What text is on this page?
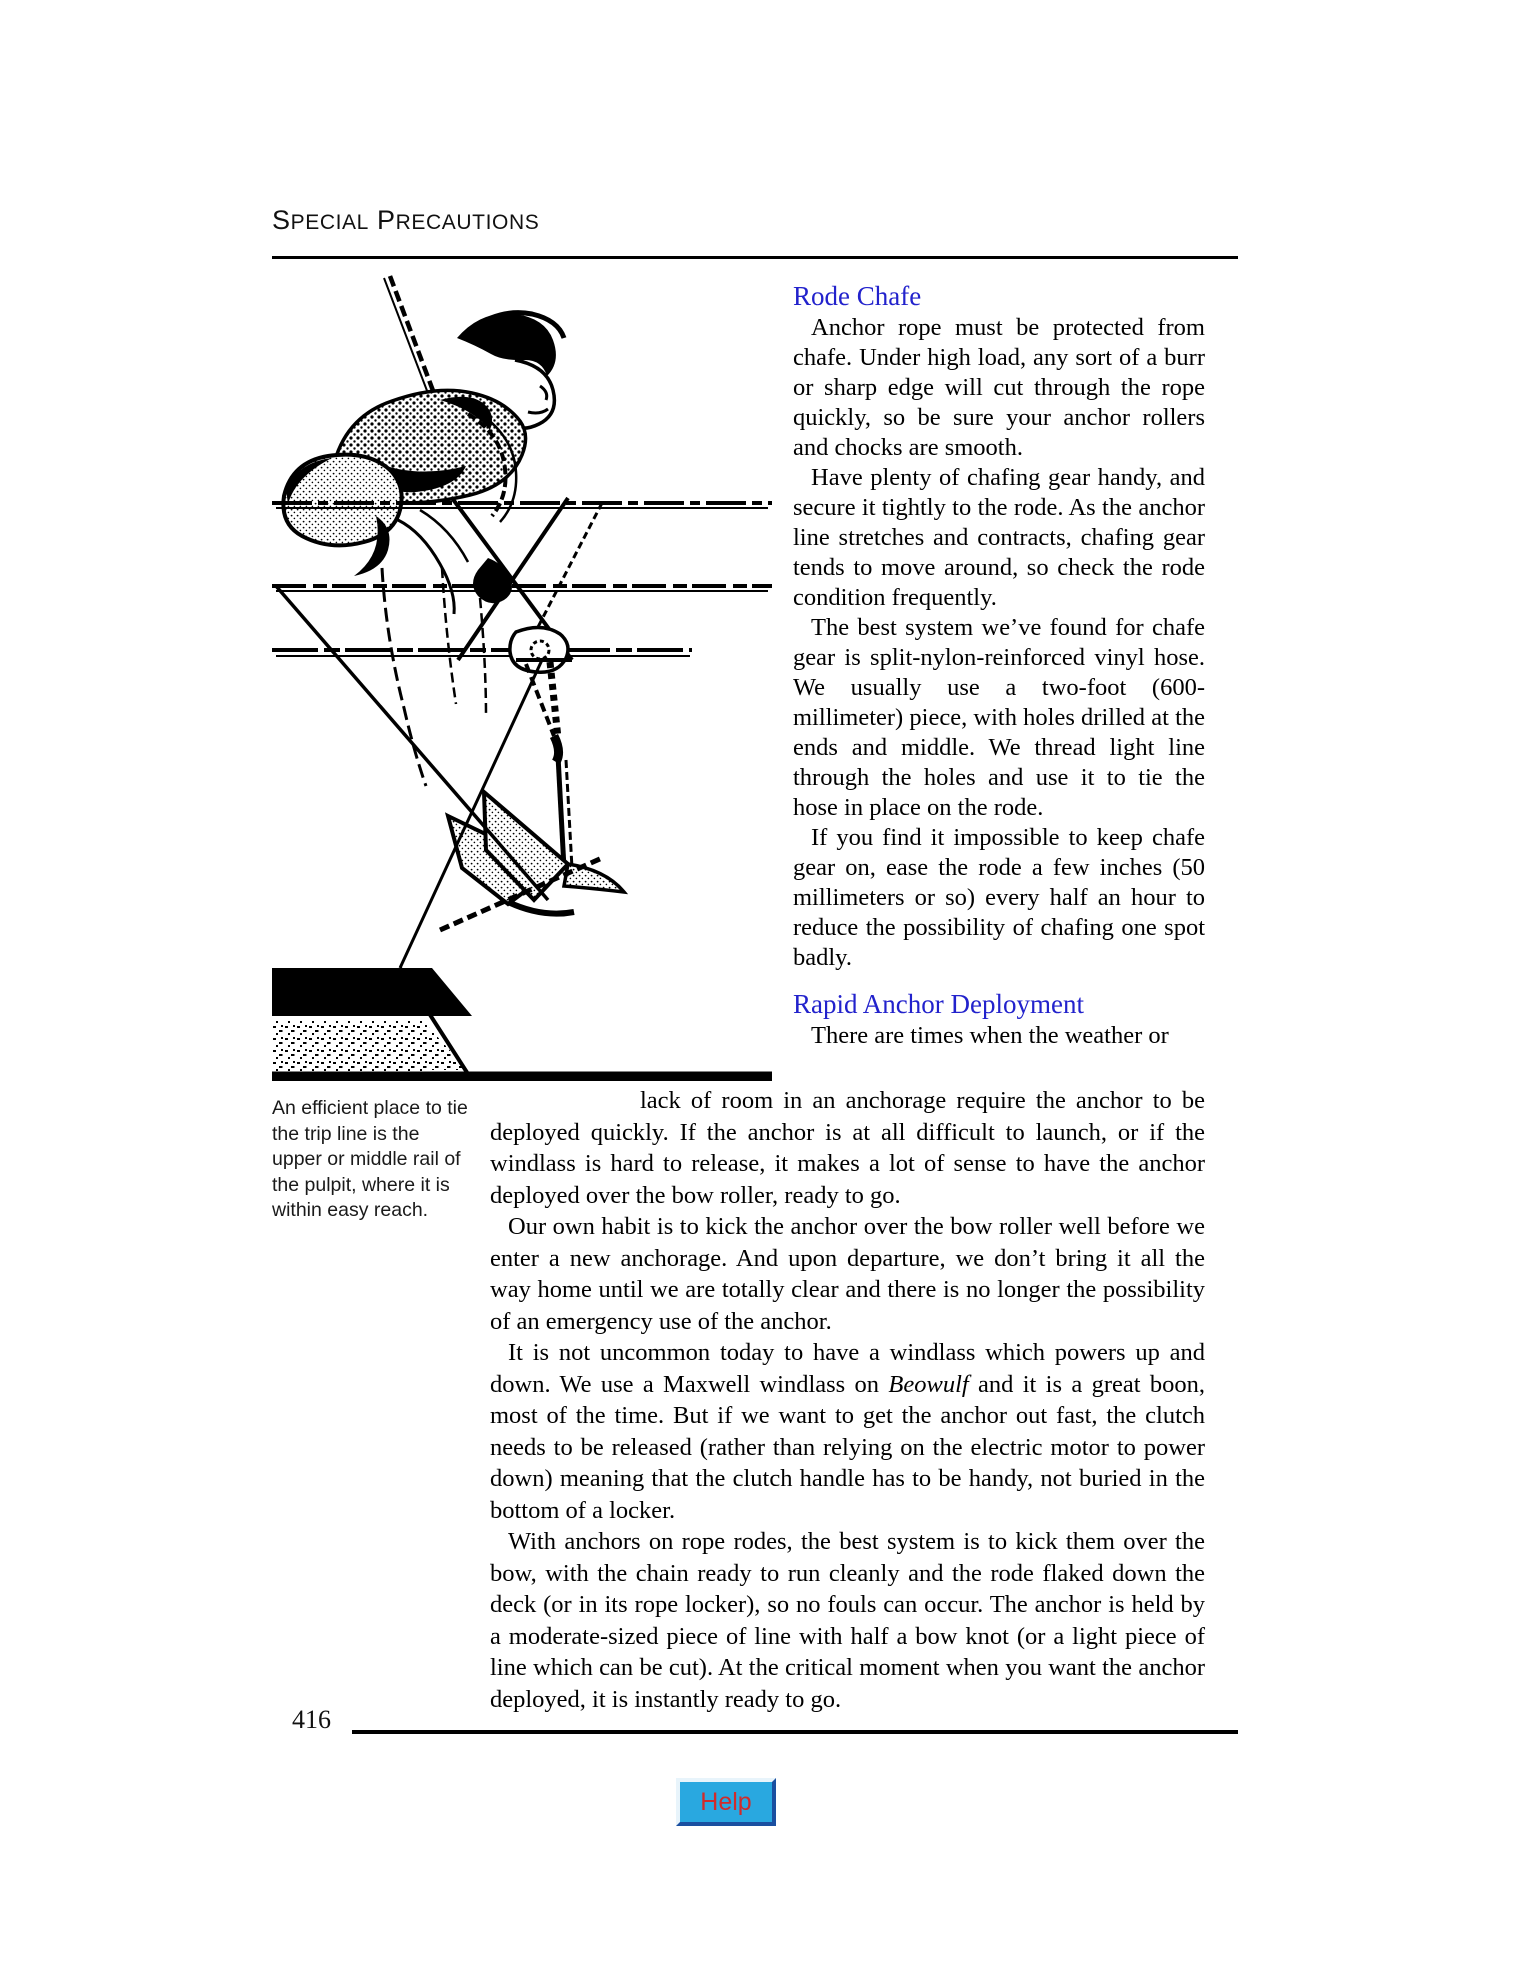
SPECIAL PRECAUTIONS
An efficient place to tie the trip line is the upper or middle rail of the pulpit, where it is within easy reach.
Rode Chafe

Anchor rope must be protected from chafe. Under high load, any sort of a burr or sharp edge will cut through the rope quickly, so be sure your anchor rollers and chocks are smooth.

Have plenty of chafing gear handy, and secure it tightly to the rode. As the anchor line stretches and contracts, chafing gear tends to move around, so check the rode condition frequently.

The best system we’ve found for chafe gear is split-nylon-reinforced vinyl hose. We usually use a two-foot (600-millimeter) piece, with holes drilled at the ends and middle. We thread light line through the holes and use it to tie the hose in place on the rode.

If you find it impossible to keep chafe gear on, ease the rode a few inches (50 millimeters or so) every half an hour to reduce the possibility of chafing one spot badly.

Rapid Anchor Deployment

There are times when the weather or

lack of room in an anchorage require the anchor to be deployed quickly. If the anchor is at all difficult to launch, or if the windlass is hard to release, it makes a lot of sense to have the anchor deployed over the bow roller, ready to go.

Our own habit is to kick the anchor over the bow roller well before we enter a new anchorage. And upon departure, we don’t bring it all the way home until we are totally clear and there is no longer the possibility of an emergency use of the anchor.

It is not uncommon today to have a windlass which powers up and down. We use a Maxwell windlass on Beowulf and it is a great boon, most of the time. But if we want to get the anchor out fast, the clutch needs to be released (rather than relying on the electric motor to power down) meaning that the clutch handle has to be handy, not buried in the bottom of a locker.

With anchors on rope rodes, the best system is to kick them over the bow, with the chain ready to run cleanly and the rode flaked down the deck (or in its rope locker), so no fouls can occur. The anchor is held by a moderate-sized piece of line with half a bow knot (or a light piece of line which can be cut). At the critical moment when you want the anchor deployed, it is instantly ready to go.

416
Help
